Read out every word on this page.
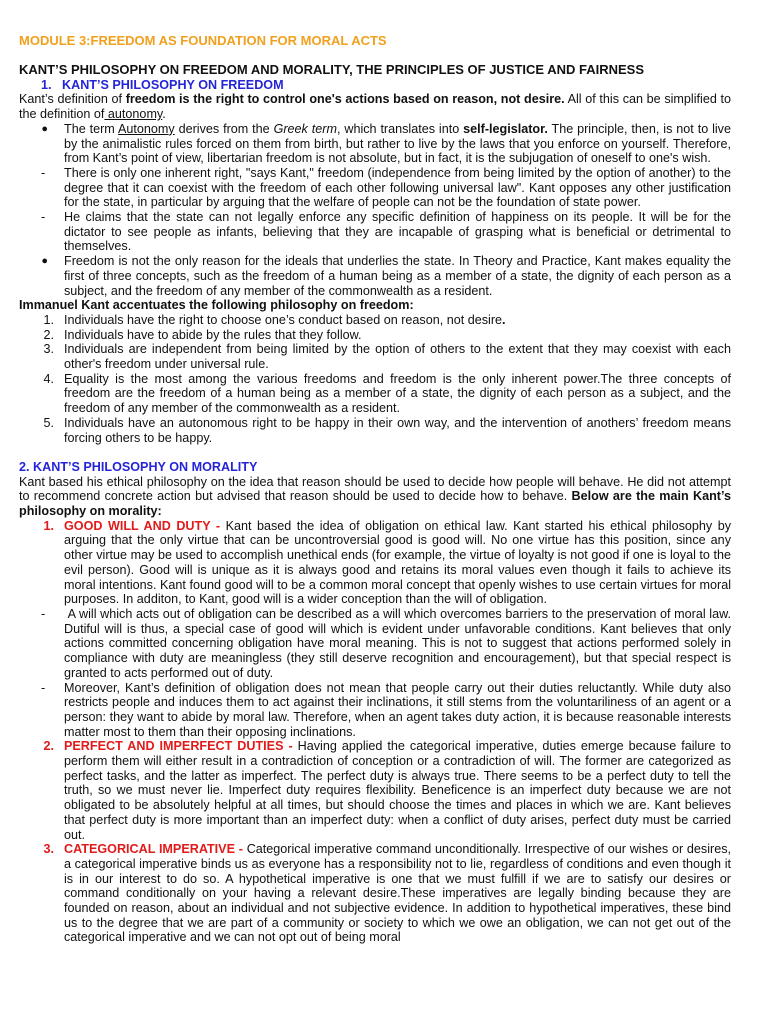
MODULE 3:FREEDOM AS FOUNDATION FOR MORAL ACTS
KANT’S PHILOSOPHY ON FREEDOM AND MORALITY, THE PRINCIPLES OF JUSTICE AND FAIRNESS
1.   KANT’S PHILOSOPHY ON FREEDOM

Kant’s definition of freedom is the right to control one's actions based on reason, not desire. All of this can be simplified to the definition of autonomy.

●	The term Autonomy derives from the Greek term, which translates into self-legislator. The principle, then, is not to live by the animalistic rules forced on them from birth, but rather to live by the laws that you enforce on yourself. Therefore, from Kant’s point of view, libertarian freedom is not absolute, but in fact, it is the subjugation of oneself to one's wish.
-	There is only one inherent right, "says Kant," freedom (independence from being limited by the option of another) to the degree that it can coexist with the freedom of each other following universal law". Kant opposes any other justification for the state, in particular by arguing that the welfare of people can not be the foundation of state power.
-	He claims that the state can not legally enforce any specific definition of happiness on its people. It will be for the dictator to see people as infants, believing that they are incapable of grasping what is beneficial or detrimental to themselves.
●	Freedom is not the only reason for the ideals that underlies the state. In Theory and Practice, Kant makes equality the first of three concepts, such as the freedom of a human being as a member of a state, the dignity of each person as a subject, and the freedom of any member of the commonwealth as a resident.

Immanuel Kant accentuates the following philosophy on freedom:

1. Individuals have the right to choose one’s conduct based on reason, not desire.
2. Individuals have to abide by the rules that they follow.
3. Individuals are independent from being limited by the option of others to the extent that they may coexist with each other's freedom under universal rule.
4. Equality is the most among the various freedoms and freedom is the only inherent power.The three concepts of freedom are the freedom of a human being as a member of a state, the dignity of each person as a subject, and the freedom of any member of the commonwealth as a resident.
5. Individuals have an autonomous right to be happy in their own way, and the intervention of anothers’ freedom means forcing others to be happy.
2. KANT’S PHILOSOPHY ON MORALITY

Kant based his ethical philosophy on the idea that reason should be used to decide how people will behave. He did not attempt to recommend concrete action but advised that reason should be used to decide how to behave. Below are the main Kant’s philosophy on morality:

1. GOOD WILL AND DUTY - Kant based the idea of obligation on ethical law. Kant started his ethical philosophy by arguing that the only virtue that can be uncontroversial good is good will. No one virtue has this position, since any other virtue may be used to accomplish unethical ends (for example, the virtue of loyalty is not good if one is loyal to the evil person). Good will is unique as it is always good and retains its moral values even though it fails to achieve its moral intentions. Kant found good will to be a common moral concept that openly wishes to use certain virtues for moral purposes. In additon, to Kant, good will is a wider conception than the will of obligation.
-	A will which acts out of obligation can be described as a will which overcomes barriers to the preservation of moral law. Dutiful will is thus, a special case of good will which is evident under unfavorable conditions. Kant believes that only actions committed concerning obligation have moral meaning. This is not to suggest that actions performed solely in compliance with duty are meaningless (they still deserve recognition and encouragement), but that special respect is granted to acts performed out of duty.
-	Moreover, Kant’s definition of obligation does not mean that people carry out their duties reluctantly. While duty also restricts people and induces them to act against their inclinations, it still stems from the voluntariliness of an agent or a person: they want to abide by moral law. Therefore, when an agent takes duty action, it is because reasonable interests matter most to them than their opposing inclinations.
2. PERFECT AND IMPERFECT DUTIES - Having applied the categorical imperative, duties emerge because failure to perform them will either result in a contradiction of conception or a contradiction of will. The former are categorized as perfect tasks, and the latter as imperfect. The perfect duty is always true. There seems to be a perfect duty to tell the truth, so we must never lie. Imperfect duty requires flexibility. Beneficence is an imperfect duty because we are not obligated to be absolutely helpful at all times, but should choose the times and places in which we are. Kant believes that perfect duty is more important than an imperfect duty: when a conflict of duty arises, perfect duty must be carried out.
3. CATEGORICAL IMPERATIVE - Categorical imperative command unconditionally. Irrespective of our wishes or desires, a categorical imperative binds us as everyone has a responsibility not to lie, regardless of conditions and even though it is in our interest to do so. A hypothetical imperative is one that we must fulfill if we are to satisfy our desires or command conditionally on your having a relevant desire.These imperatives are legally binding because they are founded on reason, about an individual and not subjective evidence. In addition to hypothetical imperatives, these bind us to the degree that we are part of a community or society to which we owe an obligation, we can not get out of the categorical imperative and we can not opt out of being moral
